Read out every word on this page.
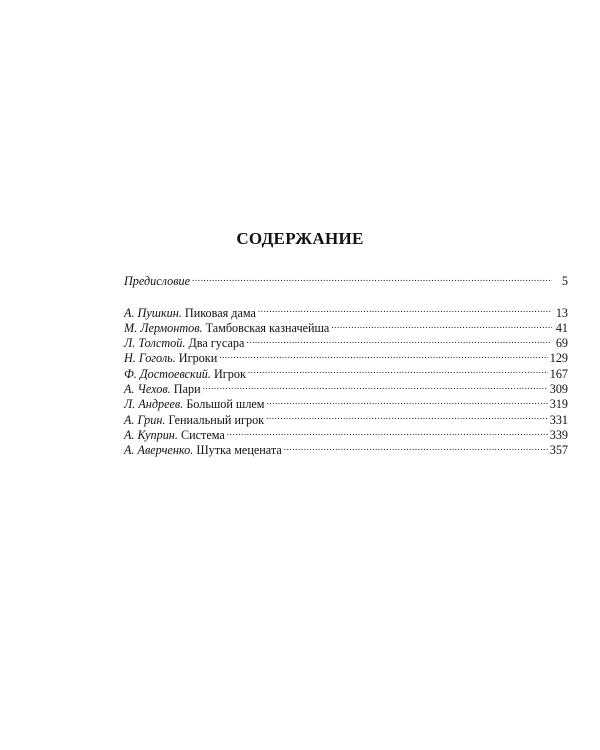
СОДЕРЖАНИЕ
Предисловие .....	5
А. Пушкин. Пиковая дама .....	13
М. Лермонтов. Тамбовская казначейша .....	41
Л. Толстой. Два гусара .....	69
Н. Гоголь. Игроки .....	129
Ф. Достоевский. Игрок .....	167
А. Чехов. Пари .....	309
Л. Андреев. Большой шлем .....	319
А. Грин. Гениальный игрок .....	331
А. Куприн. Система .....	339
А. Аверченко. Шутка мецената .....	357
